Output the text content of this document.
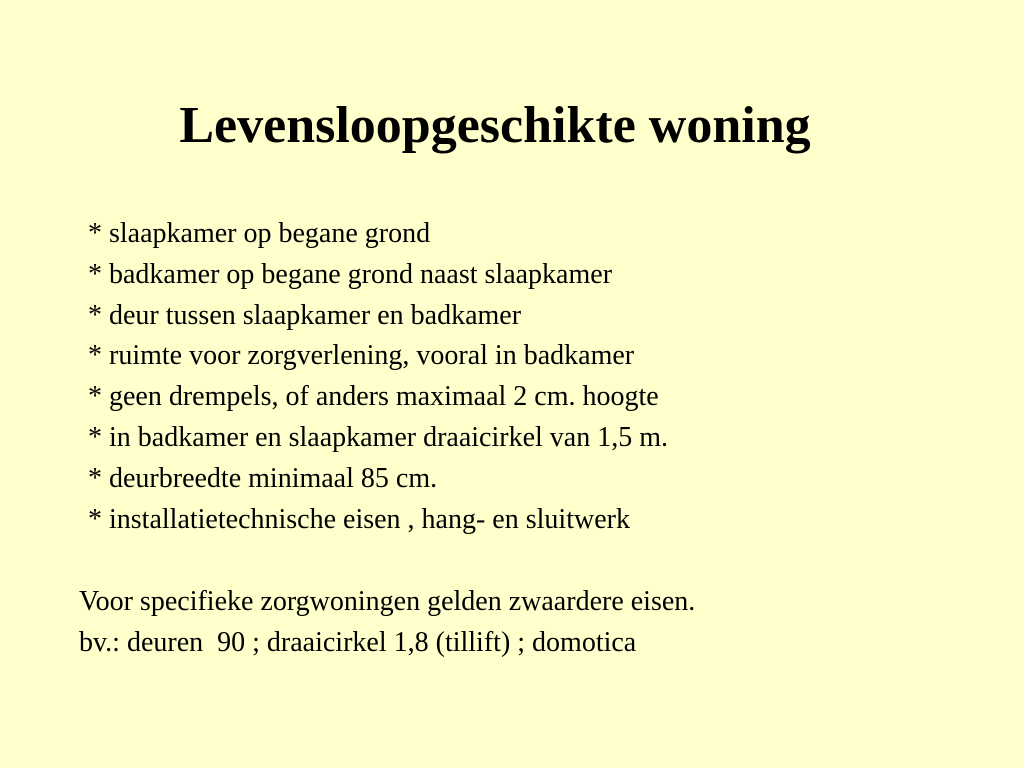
Levensloopgeschikte woning
* slaapkamer op begane grond
* badkamer op begane grond naast slaapkamer
* deur tussen slaapkamer en badkamer
* ruimte voor zorgverlening, vooral in badkamer
* geen drempels, of anders maximaal 2 cm. hoogte
* in badkamer en slaapkamer draaicirkel van 1,5 m.
* deurbreedte minimaal 85 cm.
* installatietechnische eisen , hang- en sluitwerk
Voor specifieke zorgwoningen gelden zwaardere eisen.
bv.: deuren  90 ; draaicirkel 1,8 (tillift) ; domotica
